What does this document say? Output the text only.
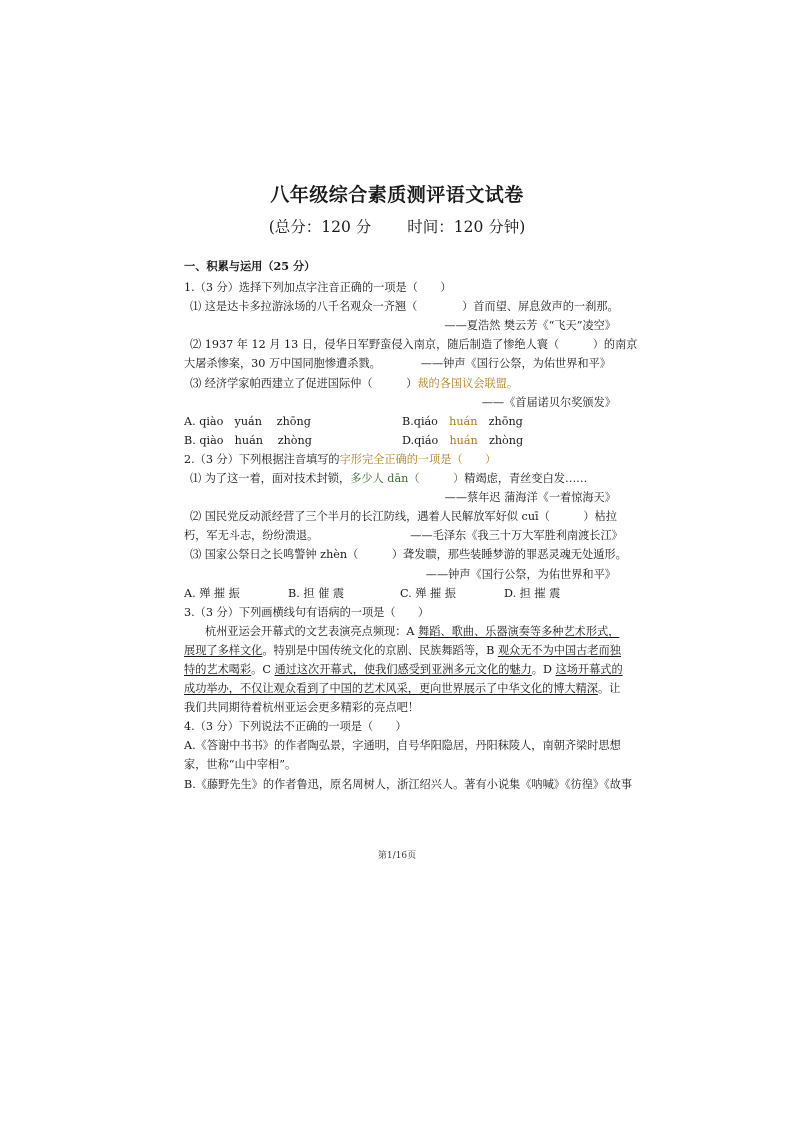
八年级综合素质测评语文试卷
(总分：120 分 时间：120 分钟)
一、积累与运用（25 分）
1.（3 分）选择下列加点字注音正确的一项是（　　）
⑴ 这是达卡多拉游泳场的八千名观众一齐翘（　　　　）首而望、屏息敛声的一刹那。
——夏浩然 樊云芳《“飞天”凌空》
⑵ 1937 年 12 月 13 日，侵华日军野蛮侵入南京，随后制造了惨绝人寰（　　　）的南京
大屠杀惨案，30 万中国同胞惨遭杀戮。	——钟声《国行公祭，为佑世界和平》
⑶ 经济学家帕西建立了促进国际仲（　　　）裁的各国议会联盟。
——《首届诺贝尔奖颁发》
A. qiào　yuán　 zhōng	B.qiáo　huán　zhōng
B. qiào　huán　 zhòng	D.qiáo　huán　zhòng
2.（3 分）下列根据注音填写的字形完全正确的一项是（　　）
⑴ 为了这一着，面对技术封锁，多少人 dān（　　　）精竭虑，青丝变白发……
——蔡年迟 蒲海洋《一着惊海天》
⑵ 国民党反动派经营了三个半月的长江防线，遇着人民解放军好似 cuī（　　　）枯拉
朽，军无斗志，纷纷溃退。	——毛泽东《我三十万大军胜利南渡长江》
⑶ 国家公祭日之长鸣警钟 zhèn（　　　）聋发聩，那些装睡梦游的罪恶灵魂无处遁形。
——钟声《国行公祭，为佑世界和平》
A. 殚 摧 振	B. 担 催 震	C. 殚 摧 振	D. 担 摧 震
3.（3 分）下列画横线句有语病的一项是（　　）
杭州亚运会开幕式的文艺表演亮点频现：A 舞蹈、歌曲、乐器演奏等多种艺术形式，
展现了多样文化。特别是中国传统文化的京剧、民族舞蹈等，B 观众无不为中国古老而独
特的艺术喝彩。C 通过这次开幕式，使我们感受到亚洲多元文化的魅力。D 这场开幕式的
成功举办，不仅让观众看到了中国的艺术风采，更向世界展示了中华文化的博大精深。让
我们共同期待着杭州亚运会更多精彩的亮点吧！
4.（3 分）下列说法不正确的一项是（　　）
A.《答谢中书书》的作者陶弘景，字通明，自号华阳隐居，丹阳秣陵人，南朝齐梁时思想
家，世称“山中宰相”。
B.《藤野先生》的作者鲁迅，原名周树人，浙江绍兴人。著有小说集《呐喊》《彷徨》《故事
第1/16页
